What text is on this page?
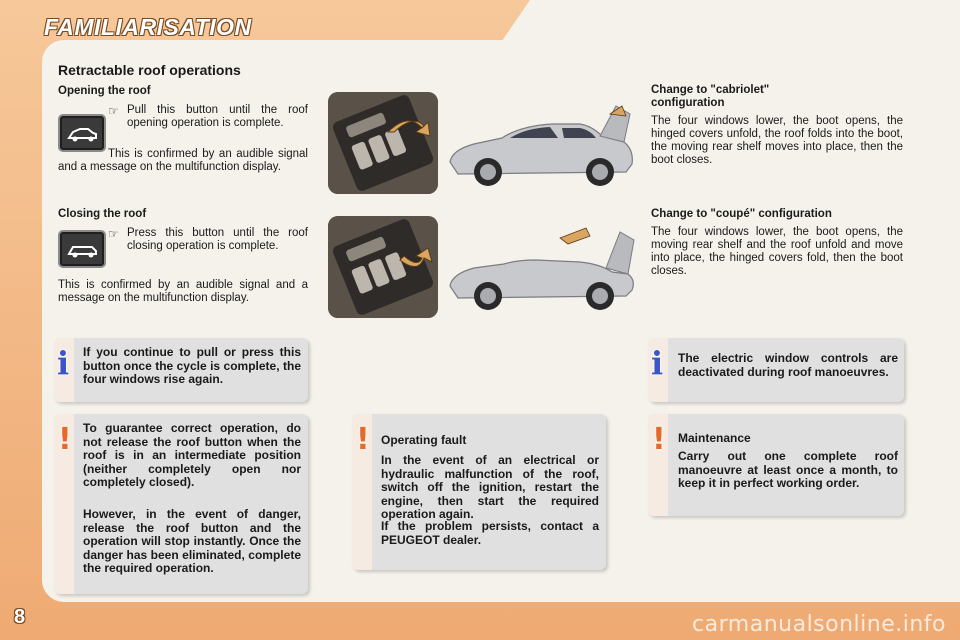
FAMILIARISATION
8	carmanualsonline.info
Retractable roof operations
Opening the roof
☞ Pull this button until the roof opening operation is complete.
This is confirmed by an audible signal and a message on the multifunction display.
Closing the roof
☞ Press this button until the roof closing operation is complete.
This is confirmed by an audible signal and a message on the multifunction display.
Change to "cabriolet" configuration
The four windows lower, the boot opens, the hinged covers unfold, the roof folds into the boot, the moving rear shelf moves into place, then the boot closes.
Change to "coupé" configuration
The four windows lower, the boot opens, the moving rear shelf and the roof unfold and move into place, the hinged covers fold, then the boot closes.
i If you continue to pull or press this button once the cycle is complete, the four windows rise again.	i The electric window controls are deactivated during roof manoeuvres.
! To guarantee correct operation, do not release the roof button when the roof is in an intermediate position (neither completely open nor completely closed).
However, in the event of danger, release the roof button and the operation will stop instantly. Once the danger has been eliminated, complete the required operation.
! Operating fault
In the event of an electrical or hydraulic malfunction of the roof, switch off the ignition, restart the engine, then start the required operation again.
If the problem persists, contact a PEUGEOT dealer.
! Maintenance
Carry out one complete roof manoeuvre at least once a month, to keep it in perfect working order.
